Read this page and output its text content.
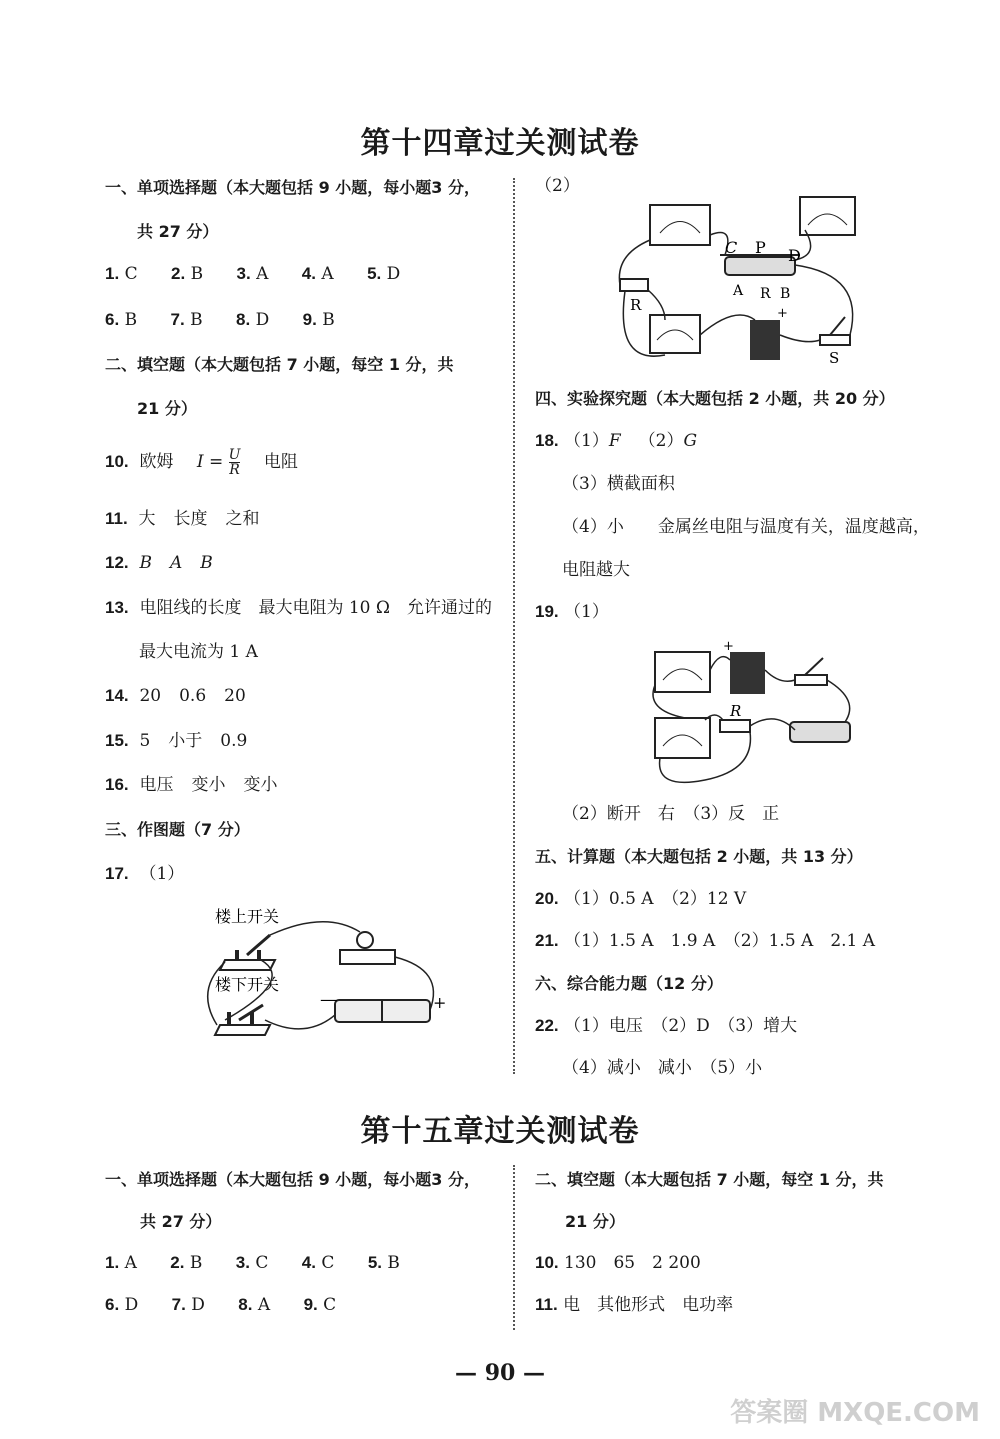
第十四章过关测试卷
一、单项选择题（本大题包括 9 小题，每小题3 分，
共 27 分）
1. C 2. B 3. A 4. A 5. D
6. B 7. B 8. D 9. B
二、填空题（本大题包括 7 小题，每空 1 分，共
21 分）
10. 欧姆 $I = \frac{U}{R}$ 电阻
11. 大 长度 之和
12. B A B
13. 电阻线的长度　最大电阻为 10 Ω　允许通过的
最大电流为 1 A
14. 20 0.6 20
15. 5 小于 0.9
16. 电压 变小 变小
三、作图题（7 分）
17. （1）
楼上开关
楼下开关
—	+
（2）
C P D
A R B
R
S
+
四、实验探究题（本大题包括 2 小题，共 20 分）
18. （1）F （2）G
（3）横截面积
（4）小　　金属丝电阻与温度有关，温度越高，
电阻越大
19. （1）
+
R
（2）断开　右　（3）反　正
五、计算题（本大题包括 2 小题，共 13 分）
20. （1）0.5 A　（2）12 V
21. （1）1.5 A　1.9 A　（2）1.5 A　2.1 A
六、综合能力题（12 分）
22. （1）电压　（2）D　（3）增大
（4）减小　减小　（5）小
第十五章过关测试卷
一、单项选择题（本大题包括 9 小题，每小题3 分，
共 27 分）
1. A 2. B 3. C 4. C 5. B
6. D 7. D 8. A 9. C
二、填空题（本大题包括 7 小题，每空 1 分，共
21 分）
10. 130　65　2 200
11. 电　其他形式　电功率
— 90 —
答案圈 MXQE.COM
